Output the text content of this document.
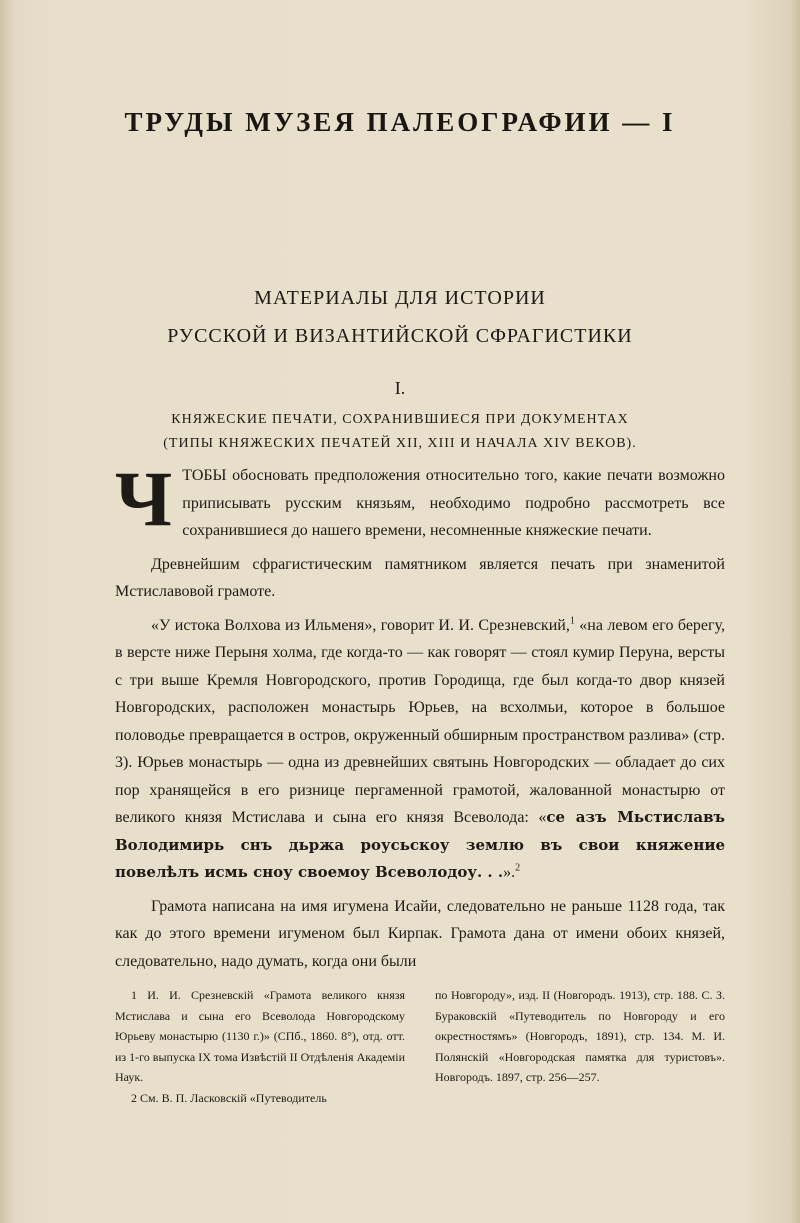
ТРУДЫ МУЗЕЯ ПАЛЕОГРАФИИ — I
МАТЕРИАЛЫ ДЛЯ ИСТОРИИ
РУССКОЙ И ВИЗАНТИЙСКОЙ СФРАГИСТИКИ
I.
КНЯЖЕСКИЕ ПЕЧАТИ, СОХРАНИВШИЕСЯ ПРИ ДОКУМЕНТАХ
(ТИПЫ КНЯЖЕСКИХ ПЕЧАТЕЙ XII, XIII И НАЧАЛА XIV ВЕКОВ).

ЧТОБЫ обосновать предположения относительно того, какие печати возможно приписывать русским князьям, необходимо подробно рассмотреть все сохранившиеся до нашего времени, несомненные княжеские печати.

Древнейшим сфрагистическим памятником является печать при знаменитой Мстиславовой грамоте.

«У истока Волхова из Ильменя», говорит И. И. Срезневский,$^1$ «на левом его берегу, в версте ниже Перыня холма, где когда-то — как говорят — стоял кумир Перуна, версты с три выше Кремля Новгородского, против Городища, где был когда-то двор князей Новгородских, расположен монастырь Юрьев, на всхолмьи, которое в большое половодье превращается в остров, окруженный обширным пространством разлива» (стр. 3). Юрьев монастырь — одна из древнейших святынь Новгородских — обладает до сих пор хранящейся в его ризнице пергаменной грамотой, жалованной монастырю от великого князя Мстислава и сына его князя Всеволода: «се азъ Мьстиславъ Володимирь снъ дьржа роусьскоу землю въ свои княжение повелѣлъ исмь сноу своемоу Всеволодоу. . .».$^2$

Грамота написана на имя игумена Исайи, следовательно не раньше 1128 года, так как до этого времени игуменом был Кирпак. Грамота дана от имени обоих князей, следовательно, надо думать, когда они были

1 И. И. Срезневскій «Грамота великого князя Мстислава и сына его Всеволода Новгородскому Юрьеву монастырю (1130 г.)» (СПб., 1860. 8°), отд. отт. из 1-го выпуска IX тома Извѣстій II Отдѣленія Академіи Наук.

2 См. В. П. Ласковскій «Путеводитель

по Новгороду», изд. II (Новгородъ. 1913), стр. 188. С. З. Бураковскій «Путеводитель по Новгороду и его окрестностямъ» (Новгородъ, 1891), стр. 134. М. И. Полянскій «Новгородская памятка для туристовъ». Новгородъ. 1897, стр. 256—257.
